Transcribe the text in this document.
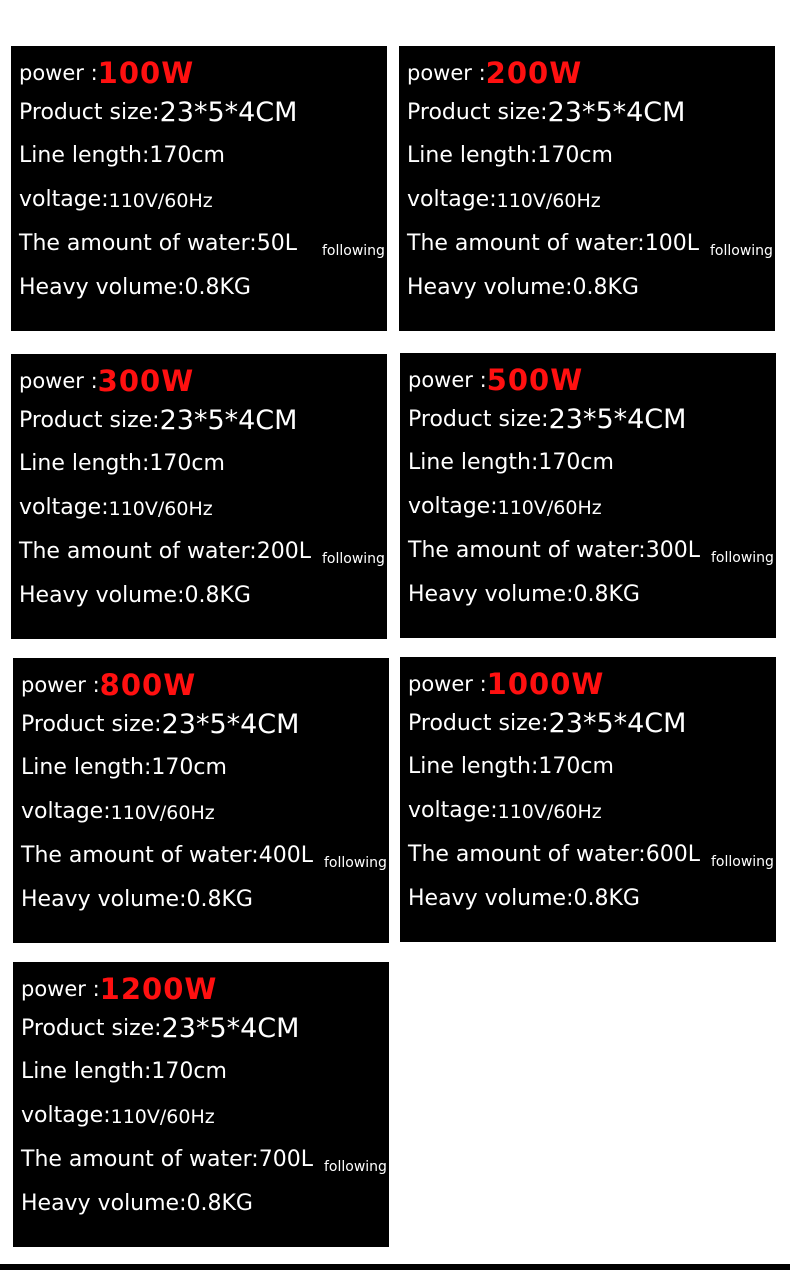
power :100W
Product size:23*5*4CM
Line length:170cm
voltage:110V/60Hz
The amount of water:50L following
Heavy volume:0.8KG
power :200W
Product size:23*5*4CM
Line length:170cm
voltage:110V/60Hz
The amount of water:100L following
Heavy volume:0.8KG
power :300W
Product size:23*5*4CM
Line length:170cm
voltage:110V/60Hz
The amount of water:200L following
Heavy volume:0.8KG
power :500W
Product size:23*5*4CM
Line length:170cm
voltage:110V/60Hz
The amount of water:300L following
Heavy volume:0.8KG
power :800W
Product size:23*5*4CM
Line length:170cm
voltage:110V/60Hz
The amount of water:400L following
Heavy volume:0.8KG
power :1000W
Product size:23*5*4CM
Line length:170cm
voltage:110V/60Hz
The amount of water:600L following
Heavy volume:0.8KG
power :1200W
Product size:23*5*4CM
Line length:170cm
voltage:110V/60Hz
The amount of water:700L following
Heavy volume:0.8KG
